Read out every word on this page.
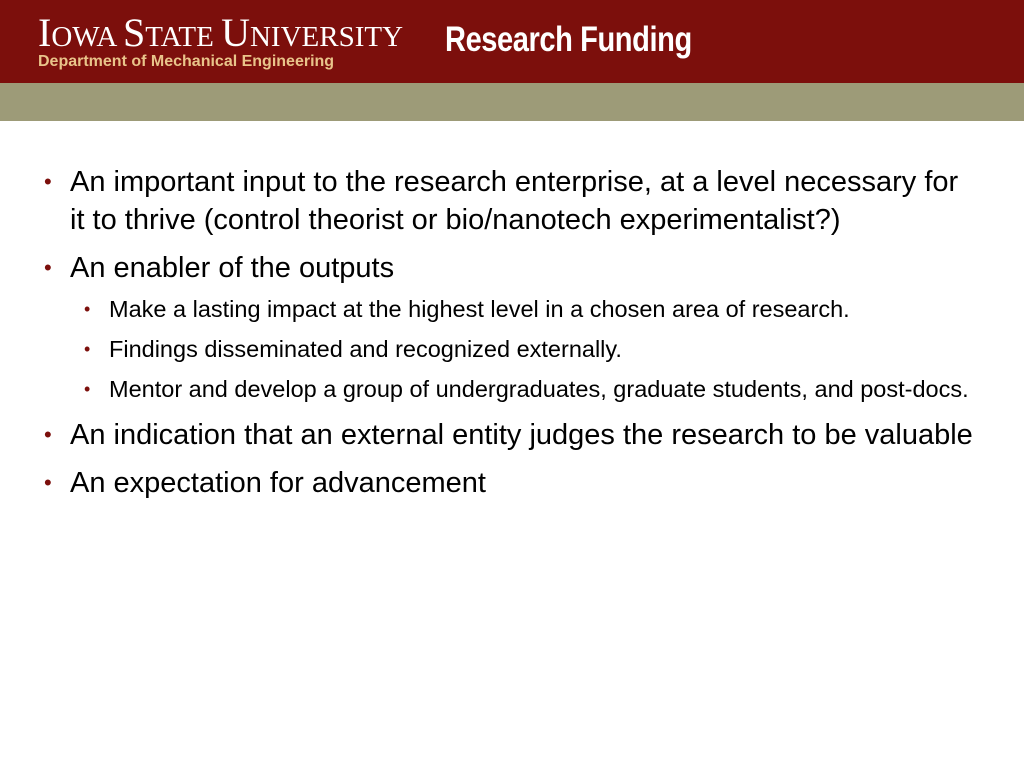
IOWA STATE UNIVERSITY
Department of Mechanical Engineering
Research Funding
• An important input to the research enterprise, at a level necessary for it to thrive (control theorist or bio/nanotech experimentalist?)
• An enabler of the outputs
• Make a lasting impact at the highest level in a chosen area of research.
• Findings disseminated and recognized externally.
• Mentor and develop a group of undergraduates, graduate students, and post-docs.
• An indication that an external entity judges the research to be valuable
• An expectation for advancement
